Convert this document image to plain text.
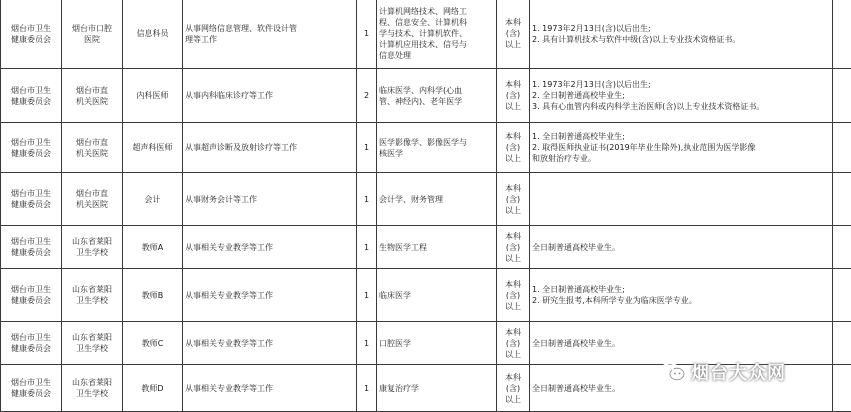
烟台市卫生
健康委员会	烟台市口腔
医院	信息科员	从事网络信息管理、软件设计管
理等工作	1	计算机网络技术、网络工
程、信息安全、计算机科
学与技术、计算机软件、
计算机应用技术、信号与
信息处理	本科
(含)
以上	1. 1973年2月13日(含)以后出生;
2. 具有计算机技术与软件中级(含)以上专业技术资格证书。		

烟台市卫生
健康委员会	烟台市直
机关医院	内科医师	从事内科临床诊疗等工作	2	临床医学、内科学(心血
管、神经内)、老年医学	本科
(含)
以上	1. 1973年2月13日(含)以后出生;
2. 全日制普通高校毕业生;
3. 具有心血管内科或内科学主治医师(含)以上专业技术资格证书。		

烟台市卫生
健康委员会	烟台市直
机关医院	超声科医师	从事超声诊断及放射诊疗等工作	1	医学影像学、影像医学与
核医学	本科
(含)
以上	1. 全日制普通高校毕业生;
2. 取得医师执业证书(2019年毕业生除外),执业范围为医学影像
和放射治疗专业。		

烟台市卫生
健康委员会	烟台市直
机关医院	会计	从事财务会计等工作	1	会计学、财务管理	本科
(含)
以上			

烟台市卫生
健康委员会	山东省莱阳
卫生学校	教师A	从事相关专业教学等工作	1	生物医学工程	本科
(含)
以上	全日制普通高校毕业生。		

烟台市卫生
健康委员会	山东省莱阳
卫生学校	教师B	从事相关专业教学等工作	1	临床医学	本科
(含)
以上	1. 全日制普通高校毕业生;
2. 研究生报考,本科所学专业为临床医学专业。		

烟台市卫生
健康委员会	山东省莱阳
卫生学校	教师C	从事相关专业教学等工作	1	口腔医学	本科
(含)
以上	全日制普通高校毕业生。		

烟台市卫生
健康委员会	山东省莱阳
卫生学校	教师D	从事相关专业教学等工作	1	康复治疗学	本科
(含)
以上	全日制普通高校毕业生。		

烟台大众网
